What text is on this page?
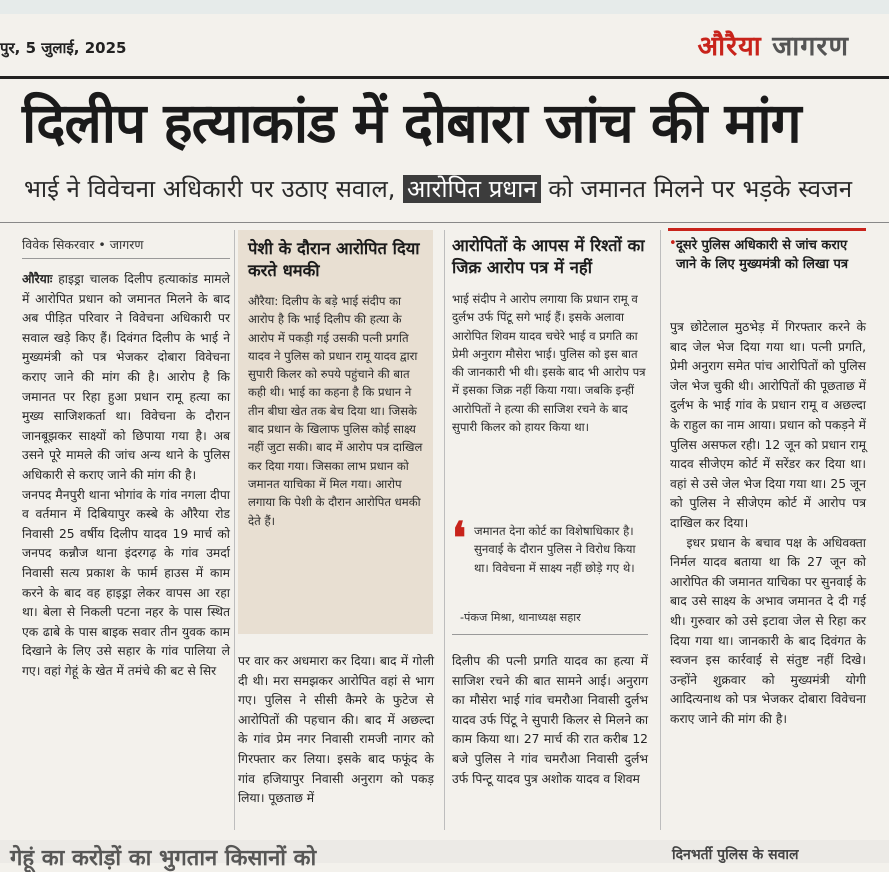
पुर, 5 जुलाई, 2025	औरैया जागरण
दिलीप हत्याकांड में दोबारा जांच की मांग
भाई ने विवेचना अधिकारी पर उठाए सवाल, आरोपित प्रधान को जमानत मिलने पर भड़के स्वजन
विवेक सिकरवार • जागरण
औरैयाः हाइड्रा चालक दिलीप हत्याकांड मामले में आरोपित प्रधान को जमानत मिलने के बाद अब पीड़ित परिवार ने विवेचना अधिकारी पर सवाल खड़े किए हैं। दिवंगत दिलीप के भाई ने मुख्यमंत्री को पत्र भेजकर दोबारा विवेचना कराए जाने की मांग की है। आरोप है कि जमानत पर रिहा हुआ प्रधान रामू हत्या का मुख्य साजिशकर्ता था। विवेचना के दौरान जानबूझकर साक्ष्यों को छिपाया गया है। अब उसने पूरे मामले की जांच अन्य थाने के पुलिस अधिकारी से कराए जाने की मांग की है।
जनपद मैनपुरी थाना भोगांव के गांव नगला दीपा व वर्तमान में दिबियापुर कस्बे के औरैया रोड निवासी 25 वर्षीय दिलीप यादव 19 मार्च को जनपद कन्नौज थाना इंदरगढ़ के गांव उमर्दा निवासी सत्य प्रकाश के फार्म हाउस में काम करने के बाद वह हाइड्रा लेकर वापस आ रहा था। बेला से निकली पटना नहर के पास स्थित एक ढाबे के पास बाइक सवार तीन युवक काम दिखाने के लिए उसे सहार के गांव पालिया ले गए। वहां गेहूं के खेत में तमंचे की बट से सिर
पेशी के दौरान आरोपित दिया करते धमकी
औरैया: दिलीप के बड़े भाई संदीप का आरोप है कि भाई दिलीप की हत्या के आरोप में पकड़ी गई उसकी पत्नी प्रगति यादव ने पुलिस को प्रधान रामू यादव द्वारा सुपारी किलर को रुपये पहुंचाने की बात कही थी। भाई का कहना है कि प्रधान ने तीन बीघा खेत तक बेच दिया था। जिसके बाद प्रधान के खिलाफ पुलिस कोई साक्ष्य नहीं जुटा सकी। बाद में आरोप पत्र दाखिल कर दिया गया। जिसका लाभ प्रधान को जमानत याचिका में मिल गया। आरोप लगाया कि पेशी के दौरान आरोपित धमकी देते हैं।
पर वार कर अधमारा कर दिया। बाद में गोली दी थी। मरा समझकर आरोपित वहां से भाग गए। पुलिस ने सीसी कैमरे के फुटेज से आरोपितों की पहचान की। बाद में अछल्दा के गांव प्रेम नगर निवासी रामजी नागर को गिरफ्तार कर लिया। इसके बाद फफूंद के गांव हजियापुर निवासी अनुराग को पकड़ लिया। पूछताछ में
आरोपितों के आपस में रिश्तों का जिक्र आरोप पत्र में नहीं
भाई संदीप ने आरोप लगाया कि प्रधान रामू व दुर्लभ उर्फ पिंटू सगे भाई हैं। इसके अलावा आरोपित शिवम यादव चचेरे भाई व प्रगति का प्रेमी अनुराग मौसेरा भाई। पुलिस को इस बात की जानकारी भी थी। इसके बाद भी आरोप पत्र में इसका जिक्र नहीं किया गया। जबकि इन्हीं आरोपितों ने हत्या की साजिश रचने के बाद सुपारी किलर को हायर किया था।
❛ जमानत देना कोर्ट का विशेषाधिकार है। सुनवाई के दौरान पुलिस ने विरोध किया था। विवेचना में साक्ष्य नहीं छोड़े गए थे।
-पंकज मिश्रा, थानाध्यक्ष सहार
दिलीप की पत्नी प्रगति यादव का हत्या में साजिश रचने की बात सामने आई। अनुराग का मौसेरा भाई गांव चमरौआ निवासी दुर्लभ यादव उर्फ पिंटू ने सुपारी किलर से मिलने का काम किया था। 27 मार्च की रात करीब 12 बजे पुलिस ने गांव चमरौआ निवासी दुर्लभ उर्फ पिन्टू यादव पुत्र अशोक यादव व शिवम
• दूसरे पुलिस अधिकारी से जांच कराए जाने के लिए मुख्यमंत्री को लिखा पत्र
पुत्र छोटेलाल मुठभेड़ में गिरफ्तार करने के बाद जेल भेज दिया गया था। पत्नी प्रगति, प्रेमी अनुराग समेत पांच आरोपितों को पुलिस जेल भेज चुकी थी। आरोपितों की पूछताछ में दुर्लभ के भाई गांव के प्रधान रामू व अछल्दा के राहुल का नाम आया। प्रधान को पकड़ने में पुलिस असफल रही। 12 जून को प्रधान रामू यादव सीजेएम कोर्ट में सरेंडर कर दिया था। वहां से उसे जेल भेज दिया गया था। 25 जून को पुलिस ने सीजेएम कोर्ट में आरोप पत्र दाखिल कर दिया।
इधर प्रधान के बचाव पक्ष के अधिवक्ता निर्मल यादव बताया था कि 27 जून को आरोपित की जमानत याचिका पर सुनवाई के बाद उसे साक्ष्य के अभाव जमानत दे दी गई थी। गुरुवार को उसे इटावा जेल से रिहा कर दिया गया था। जानकारी के बाद दिवंगत के स्वजन इस कार्रवाई से संतुष्ट नहीं दिखे। उन्होंने शुक्रवार को मुख्यमंत्री योगी आदित्यनाथ को पत्र भेजकर दोबारा विवेचना कराए जाने की मांग की है।
गेहूं का करोड़ों का भुगतान किसानों को	दिनभर्ती पुलिस के सवाल
